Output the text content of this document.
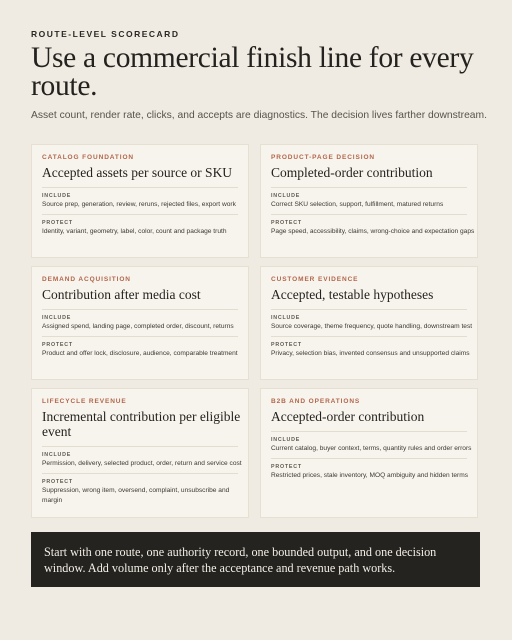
ROUTE-LEVEL SCORECARD
Use a commercial finish line for every route.
Asset count, render rate, clicks, and accepts are diagnostics. The decision lives farther downstream.
CATALOG FOUNDATION
Accepted assets per source or SKU
INCLUDE
Source prep, generation, review, reruns, rejected files, export work
PROTECT
Identity, variant, geometry, label, color, count and package truth
PRODUCT-PAGE DECISION
Completed-order contribution
INCLUDE
Correct SKU selection, support, fulfillment, matured returns
PROTECT
Page speed, accessibility, claims, wrong-choice and expectation gaps
DEMAND ACQUISITION
Contribution after media cost
INCLUDE
Assigned spend, landing page, completed order, discount, returns
PROTECT
Product and offer lock, disclosure, audience, comparable treatment
CUSTOMER EVIDENCE
Accepted, testable hypotheses
INCLUDE
Source coverage, theme frequency, quote handling, downstream test
PROTECT
Privacy, selection bias, invented consensus and unsupported claims
LIFECYCLE REVENUE
Incremental contribution per eligible event
INCLUDE
Permission, delivery, selected product, order, return and service cost
PROTECT
Suppression, wrong item, oversend, complaint, unsubscribe and margin
B2B AND OPERATIONS
Accepted-order contribution
INCLUDE
Current catalog, buyer context, terms, quantity rules and order errors
PROTECT
Restricted prices, stale inventory, MOQ ambiguity and hidden terms
Start with one route, one authority record, one bounded output, and one decision window. Add volume only after the acceptance and revenue path works.
